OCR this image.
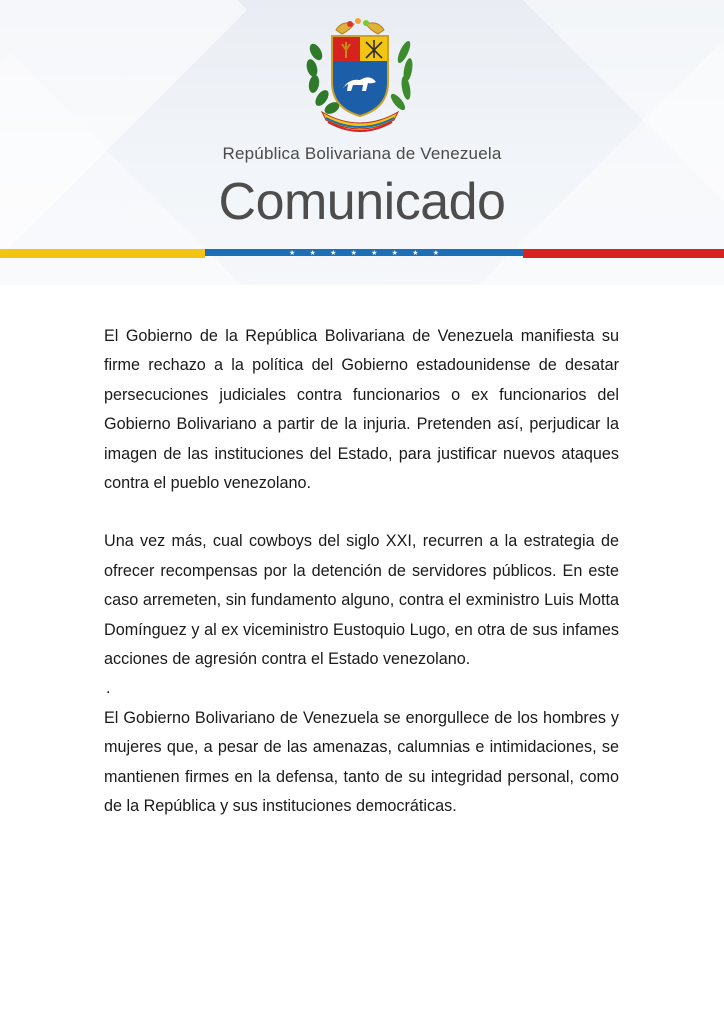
República Bolivariana de Venezuela
Comunicado
★ ★ ★ ★ ★ ★ ★ ★

El Gobierno de la República Bolivariana de Venezuela manifiesta su firme rechazo a la política del Gobierno estadounidense de desatar persecuciones judiciales contra funcionarios o ex funcionarios del Gobierno Bolivariano a partir de la injuria. Pretenden así, perjudicar la imagen de las instituciones del Estado, para justificar nuevos ataques contra el pueblo venezolano.

Una vez más, cual cowboys del siglo XXI, recurren a la estrategia de ofrecer recompensas por la detención de servidores públicos. En este caso arremeten, sin fundamento alguno, contra el exministro Luis Motta Domínguez y al ex viceministro Eustoquio Lugo, en otra de sus infames acciones de agresión contra el Estado venezolano.

.

El Gobierno Bolivariano de Venezuela se enorgullece de los hombres y mujeres que, a pesar de las amenazas, calumnias e intimidaciones, se mantienen firmes en la defensa, tanto de su integridad personal, como de la República y sus instituciones democráticas.
